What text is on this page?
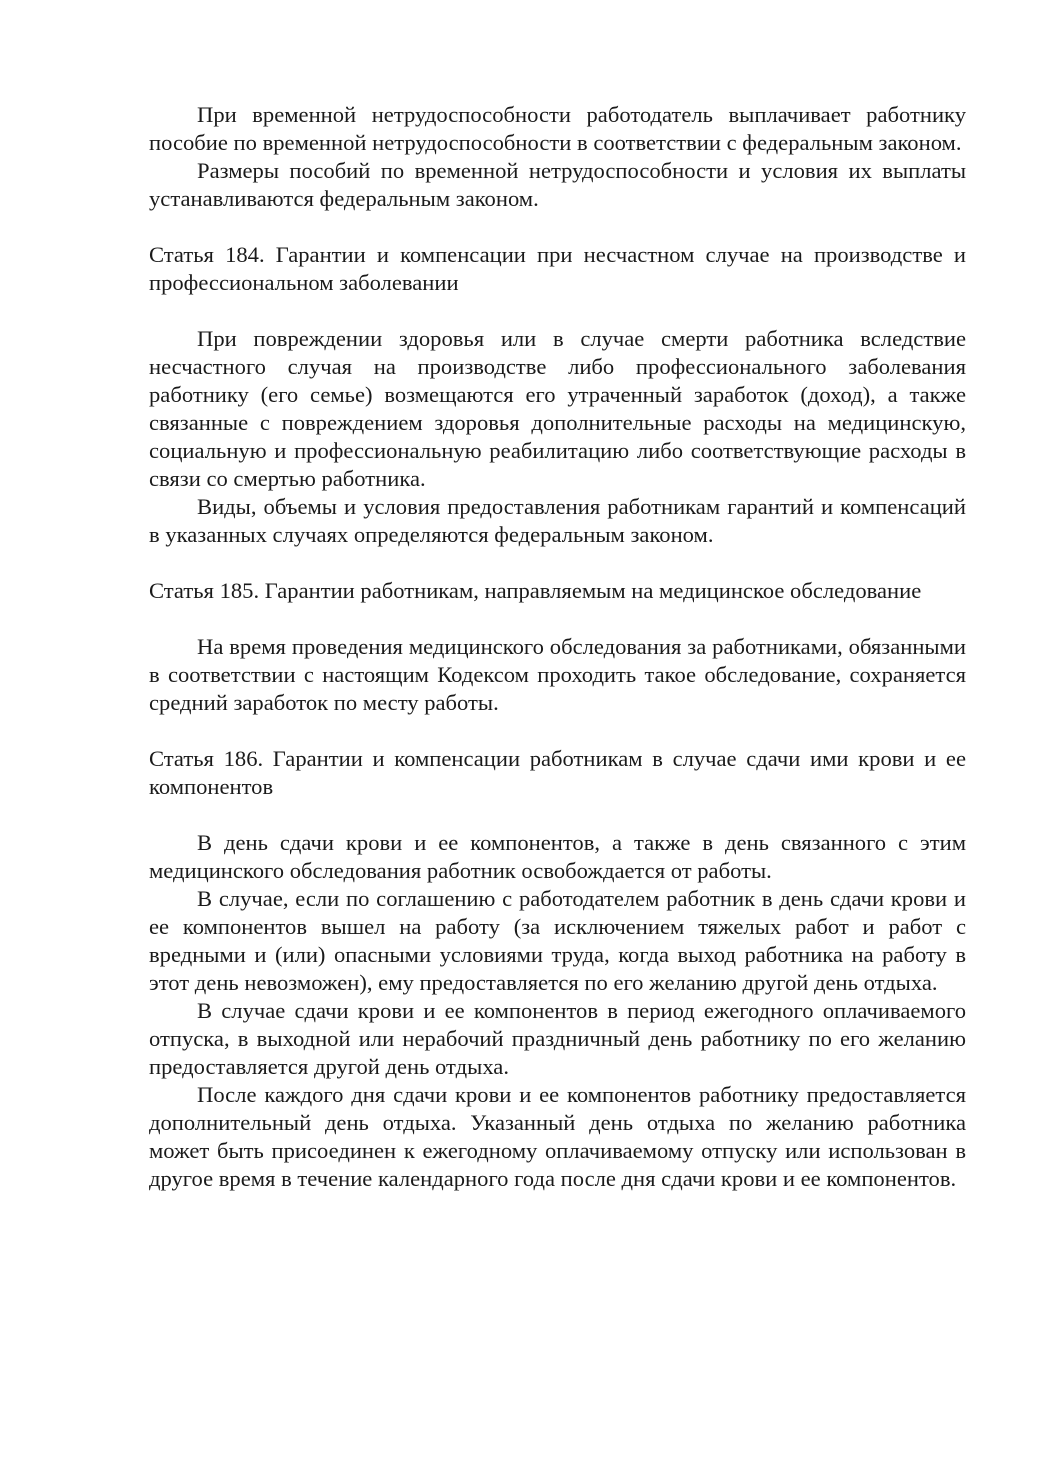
При временной нетрудоспособности работодатель выплачивает работнику пособие по временной нетрудоспособности в соответствии с федеральным законом.

Размеры пособий по временной нетрудоспособности и условия их выплаты устанавливаются федеральным законом.

Статья 184. Гарантии и компенсации при несчастном случае на производстве и профессиональном заболевании

При повреждении здоровья или в случае смерти работника вследствие несчастного случая на производстве либо профессионального заболевания работнику (его семье) возмещаются его утраченный заработок (доход), а также связанные с повреждением здоровья дополнительные расходы на медицинскую, социальную и профессиональную реабилитацию либо соответствующие расходы в связи со смертью работника.

Виды, объемы и условия предоставления работникам гарантий и компенсаций в указанных случаях определяются федеральным законом.

Статья 185. Гарантии работникам, направляемым на медицинское обследование

На время проведения медицинского обследования за работниками, обязанными в соответствии с настоящим Кодексом проходить такое обследование, сохраняется средний заработок по месту работы.

Статья 186. Гарантии и компенсации работникам в случае сдачи ими крови и ее компонентов

В день сдачи крови и ее компонентов, а также в день связанного с этим медицинского обследования работник освобождается от работы.

В случае, если по соглашению с работодателем работник в день сдачи крови и ее компонентов вышел на работу (за исключением тяжелых работ и работ с вредными и (или) опасными условиями труда, когда выход работника на работу в этот день невозможен), ему предоставляется по его желанию другой день отдыха.

В случае сдачи крови и ее компонентов в период ежегодного оплачиваемого отпуска, в выходной или нерабочий праздничный день работнику по его желанию предоставляется другой день отдыха.

После каждого дня сдачи крови и ее компонентов работнику предоставляется дополнительный день отдыха. Указанный день отдыха по желанию работника может быть присоединен к ежегодному оплачиваемому отпуску или использован в другое время в течение календарного года после дня сдачи крови и ее компонентов.
